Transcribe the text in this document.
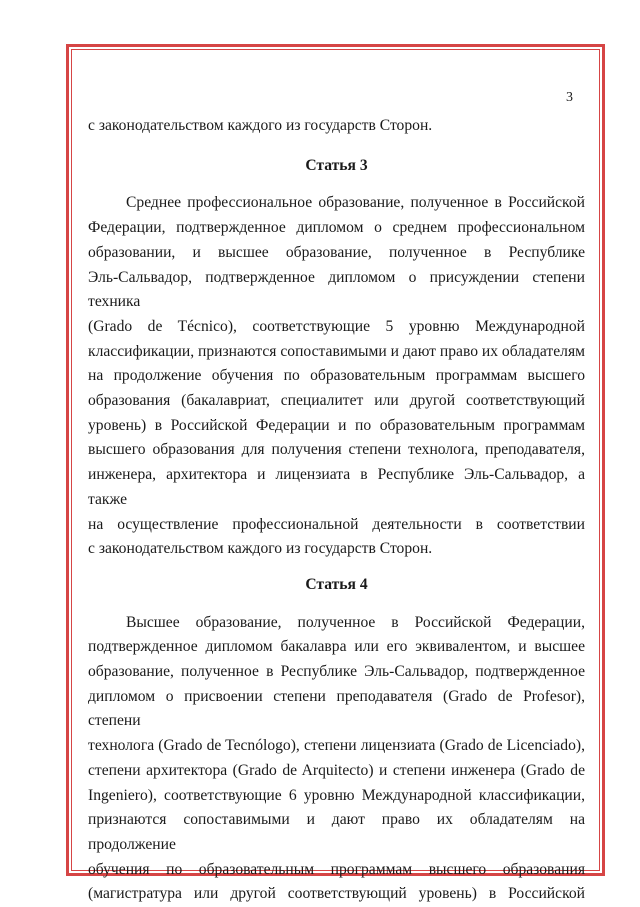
3

с законодательством каждого из государств Сторон.

Статья 3
Среднее профессиональное образование, полученное в Российской
Федерации, подтвержденное дипломом о среднем профессиональном
образовании, и высшее образование, полученное в Республике
Эль-Сальвадор, подтвержденное дипломом о присуждении степени техника
(Grado de Técnico), соответствующие 5 уровню Международной
классификации, признаются сопоставимыми и дают право их обладателям
на продолжение обучения по образовательным программам высшего
образования (бакалавриат, специалитет или другой соответствующий
уровень) в Российской Федерации и по образовательным программам
высшего образования для получения степени технолога, преподавателя,
инженера, архитектора и лицензиата в Республике Эль-Сальвадор, а также
на осуществление профессиональной деятельности в соответствии
с законодательством каждого из государств Сторон.
Статья 4
Высшее образование, полученное в Российской Федерации,
подтвержденное дипломом бакалавра или его эквивалентом, и высшее
образование, полученное в Республике Эль-Сальвадор, подтвержденное
дипломом о присвоении степени преподавателя (Grado de Profesor), степени
технолога (Grado de Tecnólogo), степени лицензиата (Grado de Licenciado),
степени архитектора (Grado de Arquitecto) и степени инженера (Grado de
Ingeniero), соответствующие 6 уровню Международной классификации,
признаются сопоставимыми и дают право их обладателям на продолжение
обучения по образовательным программам высшего образования
(магистратура или другой соответствующий уровень) в Российской
